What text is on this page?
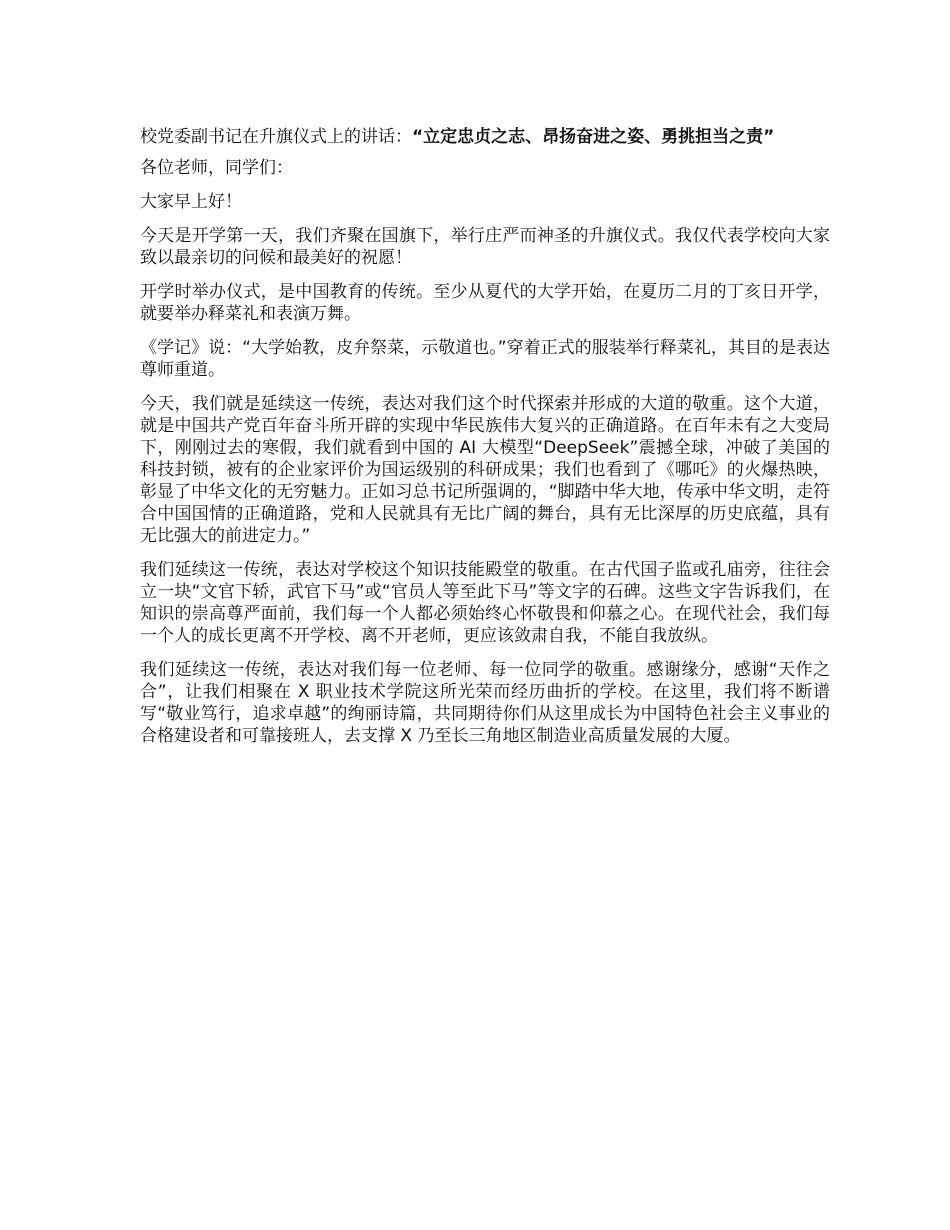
校党委副书记在升旗仪式上的讲话：“立定忠贞之志、昂扬奋进之姿、勇挑担当之责”

各位老师，同学们：

大家早上好！

今天是开学第一天，我们齐聚在国旗下，举行庄严而神圣的升旗仪式。我仅代表学校向大家致以最亲切的问候和最美好的祝愿！

开学时举办仪式，是中国教育的传统。至少从夏代的大学开始，在夏历二月的丁亥日开学，就要举办释菜礼和表演万舞。

《学记》说：“大学始教，皮弁祭菜，示敬道也。”穿着正式的服装举行释菜礼，其目的是表达尊师重道。

今天，我们就是延续这一传统，表达对我们这个时代探索并形成的大道的敬重。这个大道，就是中国共产党百年奋斗所开辟的实现中华民族伟大复兴的正确道路。在百年未有之大变局下，刚刚过去的寒假，我们就看到中国的 AI 大模型“DeepSeek”震撼全球，冲破了美国的科技封锁，被有的企业家评价为国运级别的科研成果；我们也看到了《哪吒》的火爆热映，彰显了中华文化的无穷魅力。正如习总书记所强调的，“脚踏中华大地，传承中华文明，走符合中国国情的正确道路，党和人民就具有无比广阔的舞台，具有无比深厚的历史底蕴，具有无比强大的前进定力。”

我们延续这一传统，表达对学校这个知识技能殿堂的敬重。在古代国子监或孔庙旁，往往会立一块“文官下轿，武官下马”或“官员人等至此下马”等文字的石碑。这些文字告诉我们，在知识的崇高尊严面前，我们每一个人都必须始终心怀敬畏和仰慕之心。在现代社会，我们每一个人的成长更离不开学校、离不开老师，更应该敛肃自我，不能自我放纵。

我们延续这一传统，表达对我们每一位老师、每一位同学的敬重。感谢缘分，感谢“天作之合”，让我们相聚在 X 职业技术学院这所光荣而经历曲折的学校。在这里，我们将不断谱写“敬业笃行，追求卓越”的绚丽诗篇，共同期待你们从这里成长为中国特色社会主义事业的合格建设者和可靠接班人，去支撑 X 乃至长三角地区制造业高质量发展的大厦。
